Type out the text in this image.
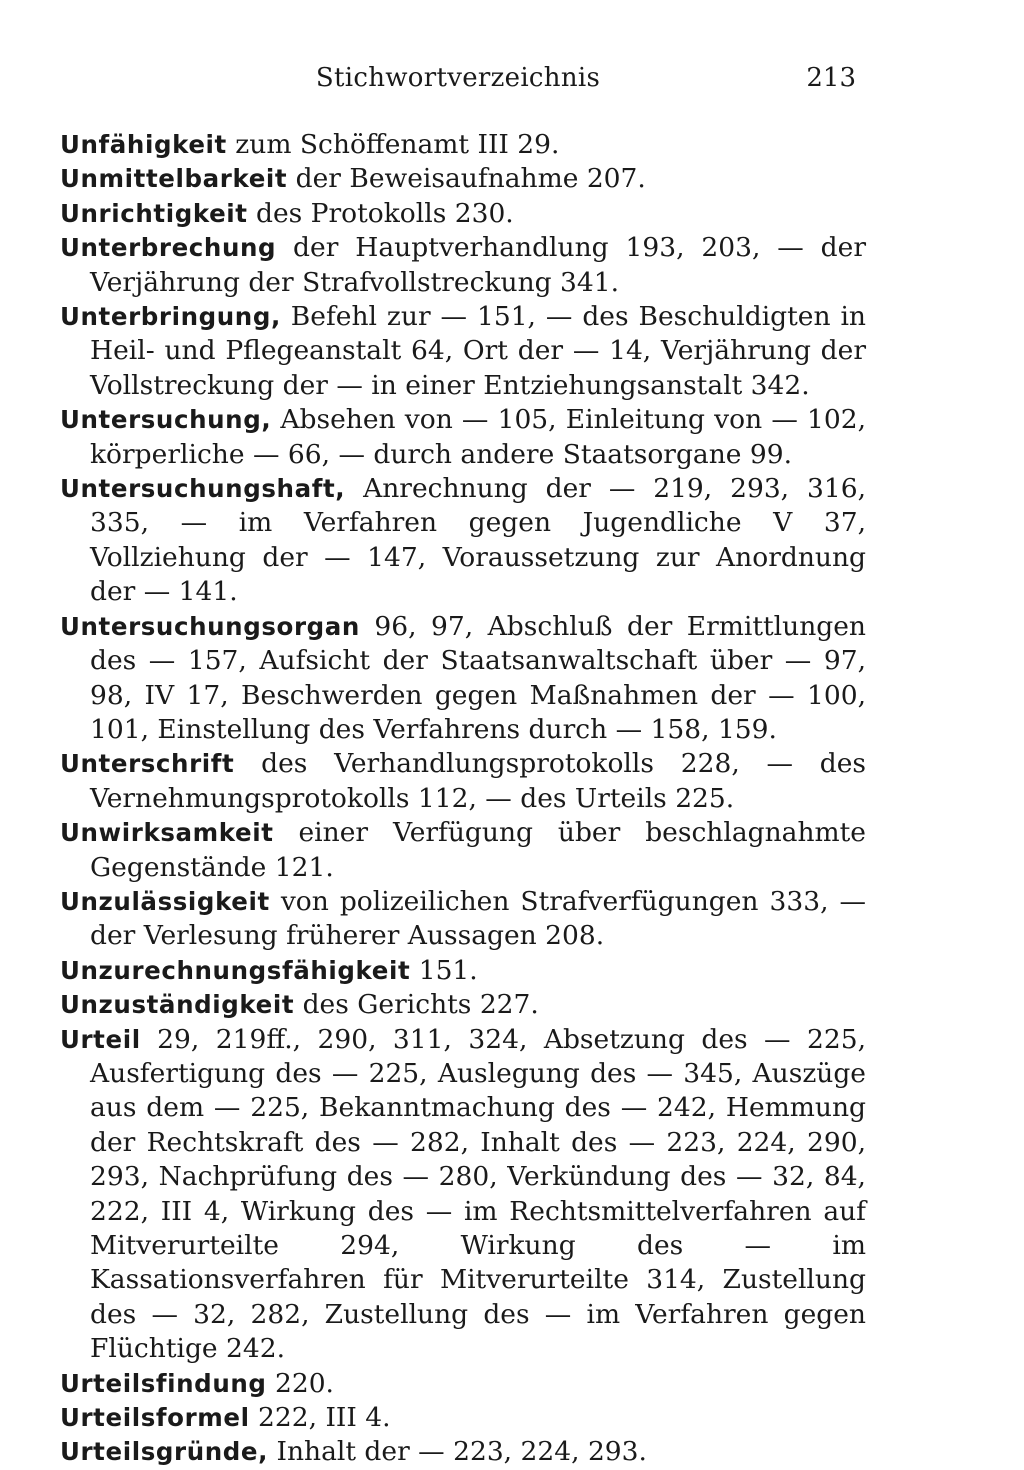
Stichwortverzeichnis	213

Unfähigkeit zum Schöffenamt III 29.

Unmittelbarkeit der Beweisaufnahme 207.

Unrichtigkeit des Protokolls 230.

Unterbrechung der Hauptverhandlung 193, 203, — der Verjährung der Strafvollstreckung 341.

Unterbringung, Befehl zur — 151, — des Beschuldigten in Heil- und Pflegeanstalt 64, Ort der — 14, Verjährung der Vollstreckung der — in einer Entziehungsanstalt 342.

Untersuchung, Absehen von — 105, Einleitung von — 102, körperliche — 66, — durch andere Staatsorgane 99.

Untersuchungshaft, Anrechnung der — 219, 293, 316, 335, — im Verfahren gegen Jugendliche V 37, Vollziehung der — 147, Voraussetzung zur Anordnung der — 141.

Untersuchungsorgan 96, 97, Abschluß der Ermittlungen des — 157, Aufsicht der Staatsanwaltschaft über — 97, 98, IV 17, Beschwerden gegen Maßnahmen der — 100, 101, Einstellung des Verfahrens durch — 158, 159.

Unterschrift des Verhandlungsprotokolls 228, — des Vernehmungsprotokolls 112, — des Urteils 225.

Unwirksamkeit einer Verfügung über beschlagnahmte Gegenstände 121.

Unzulässigkeit von polizeilichen Strafverfügungen 333, — der Verlesung früherer Aussagen 208.

Unzurechnungsfähigkeit 151.

Unzuständigkeit des Gerichts 227.

Urteil 29, 219ff., 290, 311, 324, Absetzung des — 225, Ausfertigung des — 225, Auslegung des — 345, Auszüge aus dem — 225, Bekanntmachung des — 242, Hemmung der Rechtskraft des — 282, Inhalt des — 223, 224, 290, 293, Nachprüfung des — 280, Verkündung des — 32, 84, 222, III 4, Wirkung des — im Rechtsmittelverfahren auf Mitverurteilte 294, Wirkung des — im Kassationsverfahren für Mitverurteilte 314, Zustellung des — 32, 282, Zustellung des — im Verfahren gegen Flüchtige 242.

Urteilsfindung 220.

Urteilsformel 222, III 4.

Urteilsgründe, Inhalt der — 223, 224, 293.
